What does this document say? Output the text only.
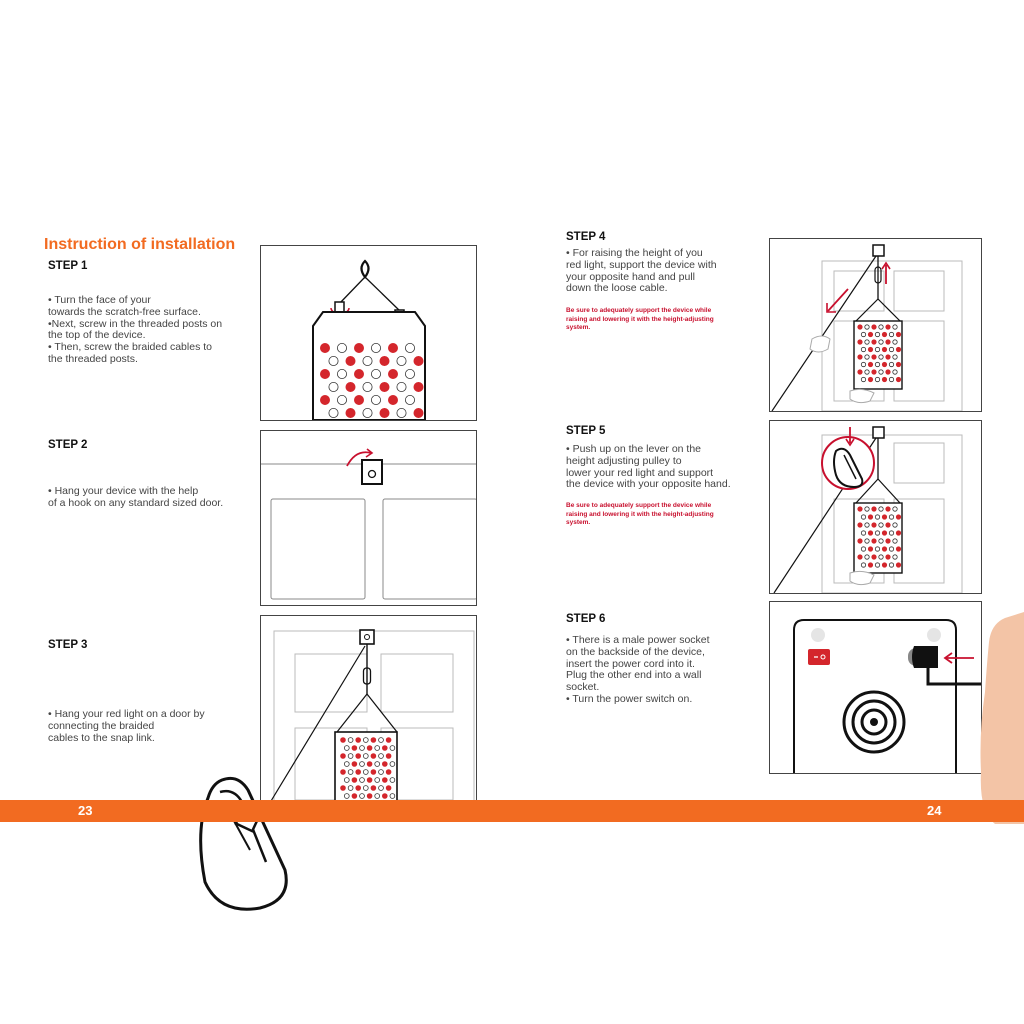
Instruction of installation
STEP 1
• Turn the face of your
towards the scratch-free surface.
•Next, screw in the threaded posts on
the top of the device.
• Then, screw the braided cables to
the threaded posts.
STEP 2
• Hang your device with the help
of a hook on any standard sized door.
STEP 3
• Hang your red light on a door by
connecting the braided
cables to the snap link.
STEP 4
• For raising the height of you
red light, support the device with
your opposite hand and pull
down the loose cable.
Be sure to adequately support the device while
raising and lowering it with the height-adjusting
system.
STEP 5
• Push up on the lever on the
height adjusting pulley to
lower your red light and support
the device with your opposite hand.
Be sure to adequately support the device while
raising and lowering it with the height-adjusting
system.
STEP 6
• There is a male power socket
on the backside of the device,
insert the power cord into it.
Plug the other end into a wall
socket.
• Turn the power switch on.
23	24
